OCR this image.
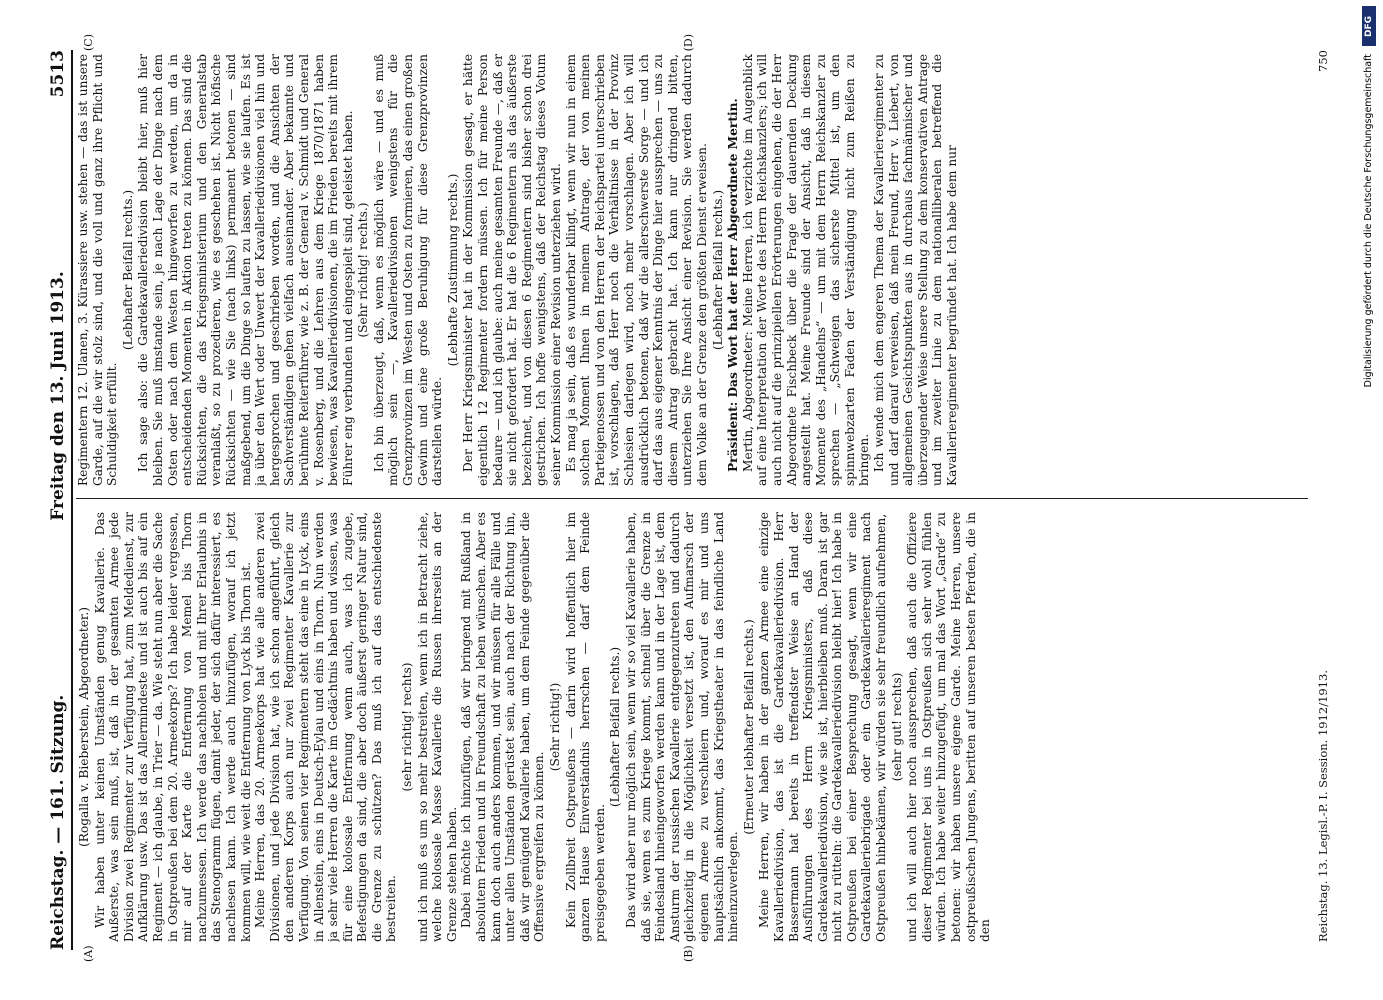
Reichstag. — 161. Sitzung.
Freitag den 13. Juni 1913.
5513
(A)	(B)
(C)	(D)

(Rogalla v. Bieberstein, Abgeordneter.) Wir haben unter keinen Umständen genug Kavallerie. Das Außerste, was sein muß, ist, daß in der gesamten Armee jede Division zwei Regimenter zur Verfügung hat, zum Meldedienst, zur Aufklärung usw. Das ist das Allermindeste und ist auch bis auf ein Regiment — ich glaube, in Trier — da. Wie steht nun aber die Sache in Ostpreußen bei dem 20. Armeekorps? Ich habe leider vergessen, mir auf der Karte die Entfernung von Memel bis Thorn nachzumessen. Ich werde das nachholen und mit Ihrer Erlaubnis in das Stenogramm fügen, damit jeder, der sich dafür interessiert, es nachlesen kann. Ich werde auch hinzufügen, worauf ich jetzt kommen will, wie weit die Entfernung von Lyck bis Thorn ist. Meine Herren, das 20. Armeekorps hat wie alle anderen zwei Divisionen, und jede Division hat, wie ich schon angeführt, gleich den anderen Korps auch nur zwei Regimenter Kavallerie zur Verfügung. Von seinen vier Regimentern steht das eine in Lyck, eins in Allenstein, eins in Deutsch-Eylau und eins in Thorn. Nun werden ja sehr viele Herren die Karte im Gedächtnis haben und wissen, was für eine kolossale Entfernung wenn auch, was ich zugebe, Befestigungen da sind, die aber doch äußerst geringer Natur sind, die Grenze zu schützen? Das muß ich auf das entschiedenste bestreiten.

(sehr richtig! rechts) und ich muß es um so mehr bestreiten, wenn ich in Betracht ziehe, welche kolossale Masse Kavallerie die Russen ihrerseits an der Grenze stehen haben. Dabei möchte ich hinzufügen, daß wir bringend mit Rußland in absolutem Frieden und in Freundschaft zu leben wünschen. Aber es kann doch auch anders kommen, und wir müssen für alle Fälle und unter allen Umständen gerüstet sein, auch nach der Richtung hin, daß wir genügend Kavallerie haben, um dem Feinde gegenüber die Offensive ergreifen zu können.

(Sehr richtig!) Kein Zollbreit Ostpreußens — darin wird hoffentlich hier im ganzen Hause Einverständnis herrschen — darf dem Feinde preisgegeben werden.

(Lebhafter Beifall rechts.) Das wird aber nur möglich sein, wenn wir so viel Kavallerie haben, daß sie, wenn es zum Kriege kommt, schnell über die Grenze in Feindesland hineingeworfen werden kann und in der Lage ist, dem Ansturm der russischen Kavallerie entgegenzutreten und dadurch gleichzeitig in die Möglichkeit versetzt ist, den Aufmarsch der eigenen Armee zu verschleiern und, worauf es mir und uns hauptsächlich ankommt, das Kriegstheater in das feindliche Land hineinzuverlegen.

(Erneuter lebhafter Beifall rechts.) Meine Herren, wir haben in der ganzen Armee eine einzige Kavalleriedivision, das ist die Gardekavalleriedivision. Herr Bassermann hat bereits in treffendster Weise an Hand der Ausführungen des Herrn Kriegsministers, daß diese Gardekavalleriedivision, wie sie ist, hierbleiben muß. Daran ist gar nicht zu rütteln: die Gardekavalleriedivision bleibt hier! Ich habe in Ostpreußen bei einer Besprechung gesagt, wenn wir eine Gardekavalleriebrigade oder ein Gardekavallerieregiment nach Ostpreußen hinbekämen, wir würden sie sehr freundlich aufnehmen, (sehr gut! rechts) und ich will auch hier noch aussprechen, daß auch die Offiziere dieser Regimenter bei uns in Ostpreußen sich sehr wohl fühlen würden. Ich habe weiter hinzugefügt, um mal das Wort „Garde“ zu betonen: wir haben unsere eigene Garde. Meine Herren, unsere ostpreußischen Jungens, beritten auf unseren besten Pferden, die in den

Regimentern 12. Ulanen, 3. Kürassiere usw. stehen — das ist unsere Garde, auf die wir stolz sind, und die voll und ganz ihre Pflicht und Schuldigkeit erfüllt.

(Lebhafter Beifall rechts.) Ich sage also: die Gardekavalleriedivision bleibt hier, muß hier bleiben. Sie muß imstande sein, je nach Lage der Dinge nach dem Osten oder nach dem Westen hingeworfen zu werden, um da in entscheidenden Momenten in Aktion treten zu können. Das sind die Rücksichten, die das Kriegsministerium und den Generalstab veranlaßt, so zu prozedieren, wie es geschehen ist. Nicht höfische Rücksichten — wie Sie (nach links) permanent betonen — sind maßgebend, um die Dinge so laufen zu lassen, wie sie laufen. Es ist ja über den Wert oder Unwert der Kavalleriedivisionen viel hin und hergesprochen und geschrieben worden, und die Ansichten der Sachverständigen gehen vielfach auseinander. Aber bekannte und berühmte Reiterführer, wie z. B. der General v. Schmidt und General v. Rosenberg, und die Lehren aus dem Kriege 1870/1871 haben bewiesen, was Kavalleriedivisionen, die im Frieden bereits mit ihrem Führer eng verbunden und eingespielt sind, geleistet haben. (Sehr richtig! rechts.) Ich bin überzeugt, daß, wenn es möglich wäre — und es muß möglich sein —, Kavalleriedivisionen wenigstens für die Grenzprovinzen im Westen und Osten zu formieren, das einen großen Gewinn und eine große Beruhigung für diese Grenzprovinzen darstellen würde.

(Lebhafte Zustimmung rechts.) Der Herr Kriegsminister hat in der Kommission gesagt, er hätte eigentlich 12 Regimenter fordern müssen. Ich für meine Person bedaure — und ich glaube: auch meine gesamten Freunde —, daß er sie nicht gefordert hat. Er hat die 6 Regimentern als das äußerste bezeichnet, und von diesen 6 Regimentern sind bisher schon drei gestrichen. Ich hoffe wenigstens, daß der Reichstag dieses Votum seiner Kommission einer Revision unterziehen wird. Es mag ja sein, daß es wunderbar klingt, wenn wir nun in einem solchen Moment Ihnen in meinem Antrage, der von meinen Parteigenossen und von den Herren der Reichspartei unterschrieben ist, vorschlagen, daß Herr noch die Verhältnisse in der Provinz Schlesien darlegen wird, noch mehr vorschlagen. Aber ich will ausdrücklich betonen, daß wir die allerschwerste Sorge — und ich darf das aus eigener Kenntnis der Dinge hier aussprechen — uns zu diesem Antrag gebracht hat. Ich kann nur dringend bitten, unterziehen Sie Ihre Ansicht einer Revision. Sie werden dadurch dem Volke an der Grenze den größten Dienst erweisen. (Lebhafter Beifall rechts.) Präsident: Das Wort hat der Herr Abgeordnete Mertin. Mertin, Abgeordneter: Meine Herren, ich verzichte im Augenblick auf eine Interpretation der Worte des Herrn Reichskanzlers; ich will auch nicht auf die prinzipiellen Erörterungen eingehen, die der Herr Abgeordnete Fischbeck über die Frage der dauernden Deckung angestellt hat. Meine Freunde sind der Ansicht, daß in diesem Momente des „Handelns“ — um mit dem Herrn Reichskanzler zu sprechen — „Schweigen das sicherste Mittel ist, um den spinnwebzarten Faden der Verständigung nicht zum Reißen zu bringen. Ich wende mich dem engeren Thema der Kavallerieregimenter zu und darf darauf verweisen, daß mein Freund, Herr v. Liebert, von allgemeinen Gesichtspunkten aus in durchaus fachmännischer und überzeugender Weise unsere Stellung zu dem konservativen Antrage und im zweiter Linie zu dem nationalliberalen betreffend die Kavallerieregimenter begründet hat. Ich habe dem nur

Reichstag. 13. Legisl.-P. I. Session. 1912/1913.
750
DFG
Digitalisierung gefördert durch die Deutsche Forschungsgemeinschaft
